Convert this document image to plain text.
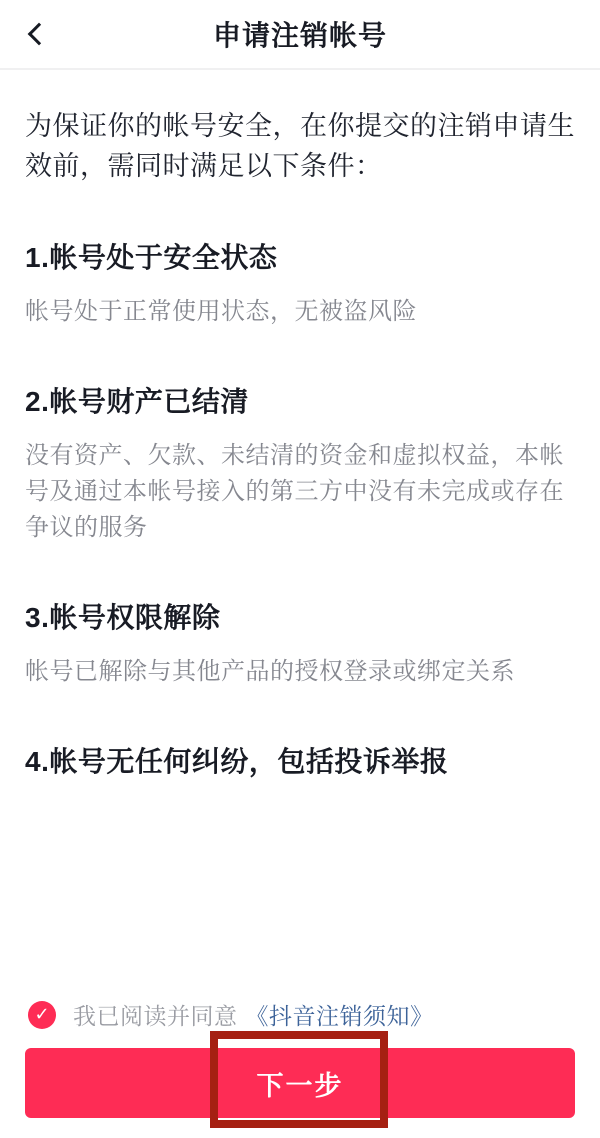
申请注销帐号
为保证你的帐号安全，在你提交的注销申请生效前，需同时满足以下条件：
1.帐号处于安全状态

帐号处于正常使用状态，无被盗风险

2.帐号财产已结清

没有资产、欠款、未结清的资金和虚拟权益，本帐号及通过本帐号接入的第三方中没有未完成或存在争议的服务

3.帐号权限解除

帐号已解除与其他产品的授权登录或绑定关系

4.帐号无任何纠纷，包括投诉举报
✓ 我已阅读并同意 《抖音注销须知》
下一步
